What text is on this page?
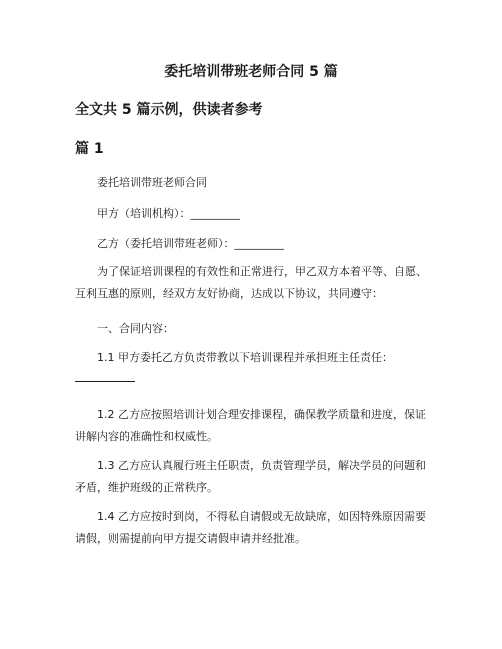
委托培训带班老师合同 5 篇
全文共 5 篇示例，供读者参考
篇 1

委托培训带班老师合同

甲方（培训机构）：_________

乙方（委托培训带班老师）：_________

为了保证培训课程的有效性和正常进行，甲乙双方本着平等、自愿、互利互惠的原则，经双方友好协商，达成以下协议，共同遵守：

一、合同内容：

1.1 甲方委托乙方负责带教以下培训课程并承担班主任责任：

1.2 乙方应按照培训计划合理安排课程，确保教学质量和进度，保证讲解内容的准确性和权威性。

1.3 乙方应认真履行班主任职责，负责管理学员，解决学员的问题和矛盾，维护班级的正常秩序。

1.4 乙方应按时到岗，不得私自请假或无故缺席，如因特殊原因需要请假，则需提前向甲方提交请假申请并经批准。
